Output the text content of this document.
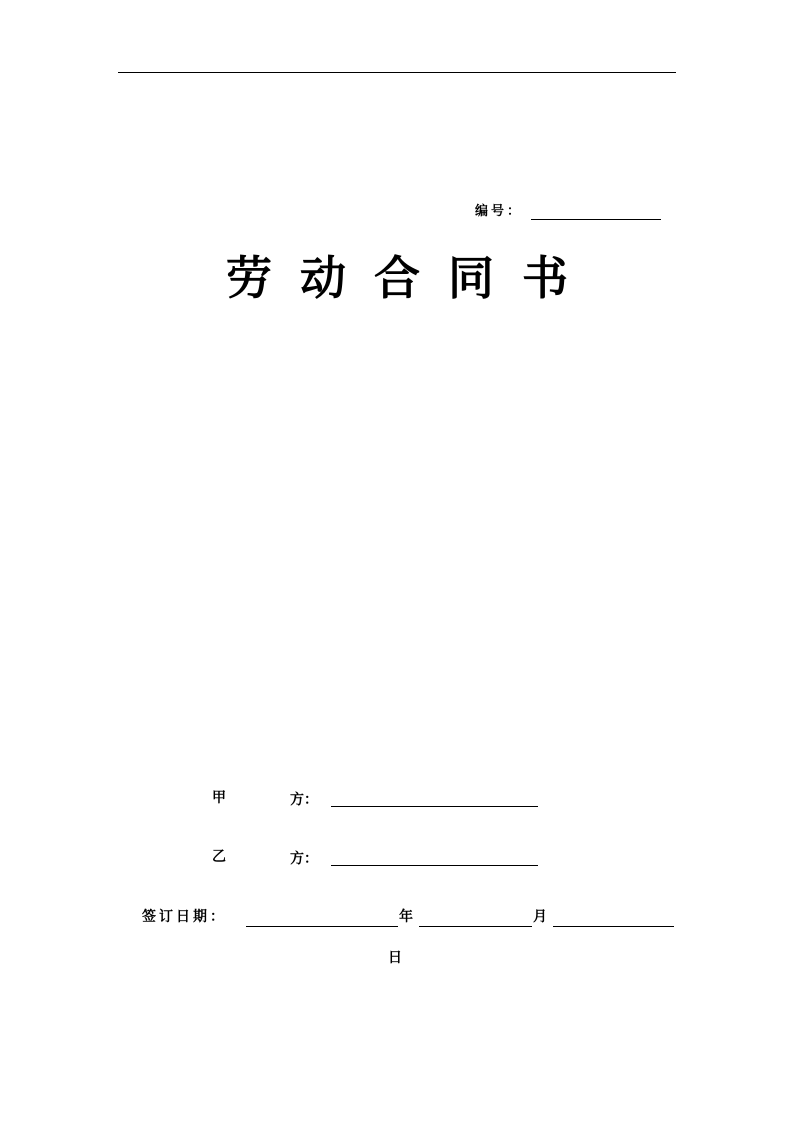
编号：
劳动合同书
甲	方：
乙	方：
签订日期：	年	月
日
